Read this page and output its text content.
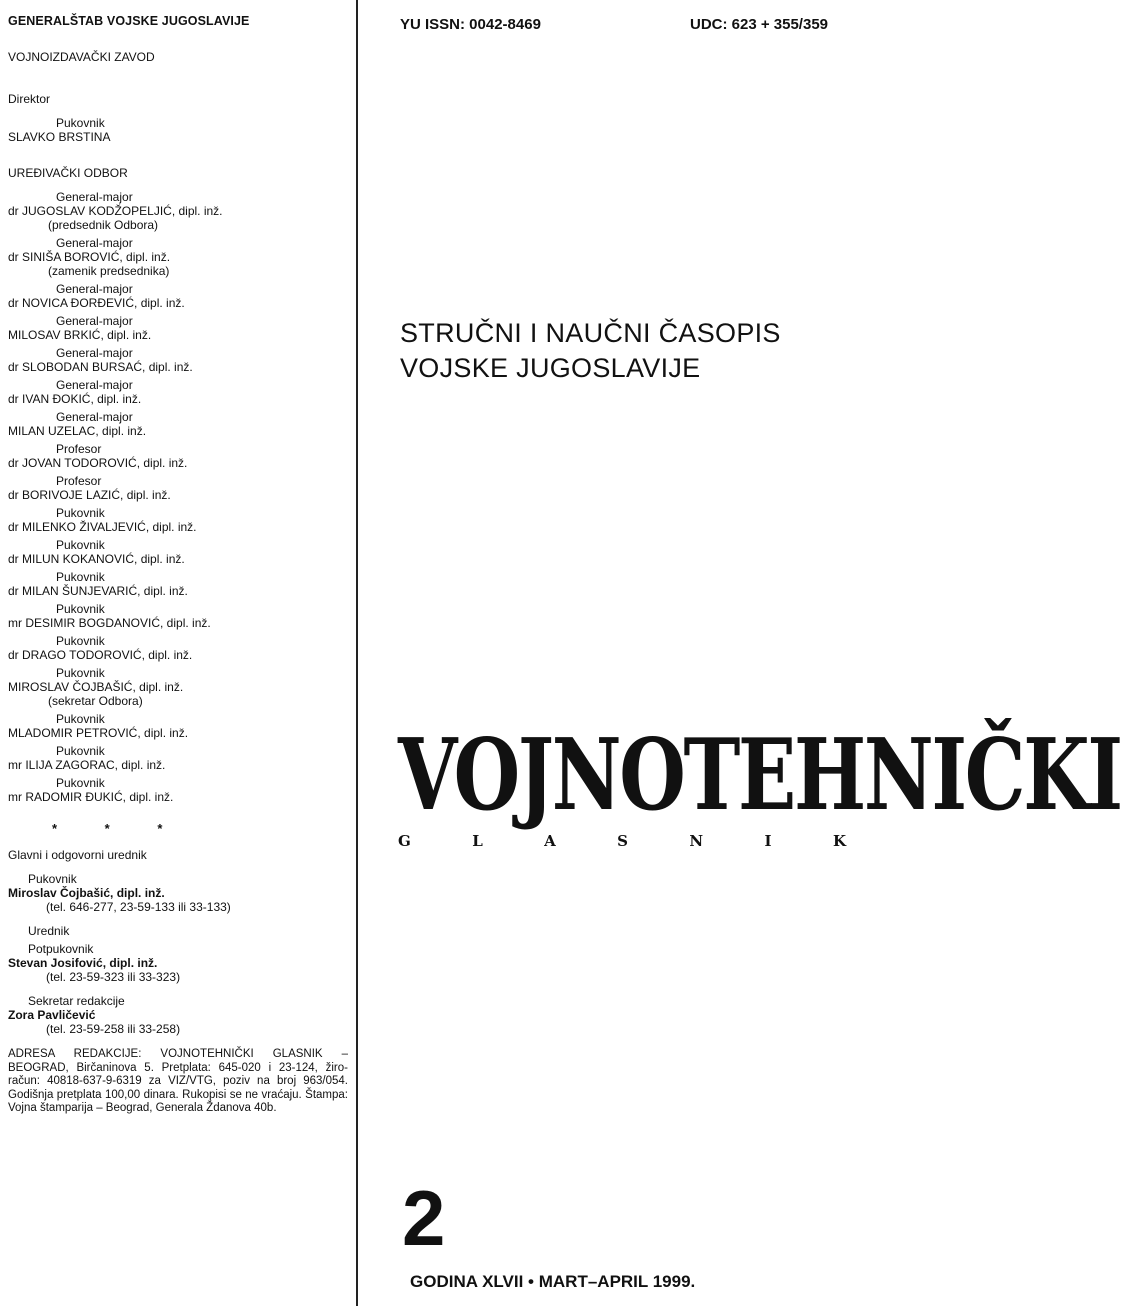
GENERALŠTAB VOJSKE JUGOSLAVIJE
VOJNOIZDAVAČKI ZAVOD
Direktor
Pukovnik
SLAVKO BRSTINA
UREĐIVAČKI ODBOR
General-major
dr JUGOSLAV KODŽOPELJIĆ, dipl. inž.
(predsednik Odbora)
General-major
dr SINIŠA BOROVIĆ, dipl. inž.
(zamenik predsednika)
General-major
dr NOVICA ĐORĐEVIĆ, dipl. inž.
General-major
MILOSAV BRKIĆ, dipl. inž.
General-major
dr SLOBODAN BURSAĆ, dipl. inž.
General-major
dr IVAN ĐOKIĆ, dipl. inž.
General-major
MILAN UZELAC, dipl. inž.
Profesor
dr JOVAN TODOROVIĆ, dipl. inž.
Profesor
dr BORIVOJE LAZIĆ, dipl. inž.
Pukovnik
dr MILENKO ŽIVALJEVIĆ, dipl. inž.
Pukovnik
dr MILUN KOKANOVIĆ, dipl. inž.
Pukovnik
dr MILAN ŠUNJEVARIĆ, dipl. inž.
Pukovnik
mr DESIMIR BOGDANOVIĆ, dipl. inž.
Pukovnik
dr DRAGO TODOROVIĆ, dipl. inž.
Pukovnik
MIROSLAV ČOJBAŠIĆ, dipl. inž.
(sekretar Odbora)
Pukovnik
MLADOMIR PETROVIĆ, dipl. inž.
Pukovnik
mr ILIJA ZAGORAC, dipl. inž.
Pukovnik
mr RADOMIR ĐUKIĆ, dipl. inž.
* * *
Glavni i odgovorni urednik
Pukovnik
Miroslav Čojbašić, dipl. inž.
(tel. 646-277, 23-59-133 ili 33-133)
Urednik
Potpukovnik
Stevan Josifović, dipl. inž.
(tel. 23-59-323 ili 33-323)
Sekretar redakcije
Zora Pavličević
(tel. 23-59-258 ili 33-258)
ADRESA REDAKCIJE: VOJNOTEHNIČKI GLASNIK – BEOGRAD, Birčaninova 5. Pretplata: 645-020 i 23-124, žiro-račun: 40818-637-9-6319 za VIZ/VTG, poziv na broj 963/054. Godišnja pretplata 100,00 dinara. Rukopisi se ne vraćaju. Štampa: Vojna štamparija – Beograd, Generala Ždanova 40b.
YU ISSN: 0042-8469	UDC: 623 + 355/359
STRUČNI I NAUČNI ČASOPIS
VOJSKE JUGOSLAVIJE
VOJNOTEHNIČKI
G	L	A	S	N	I	K
2
GODINA XLVII • MART–APRIL 1999.
